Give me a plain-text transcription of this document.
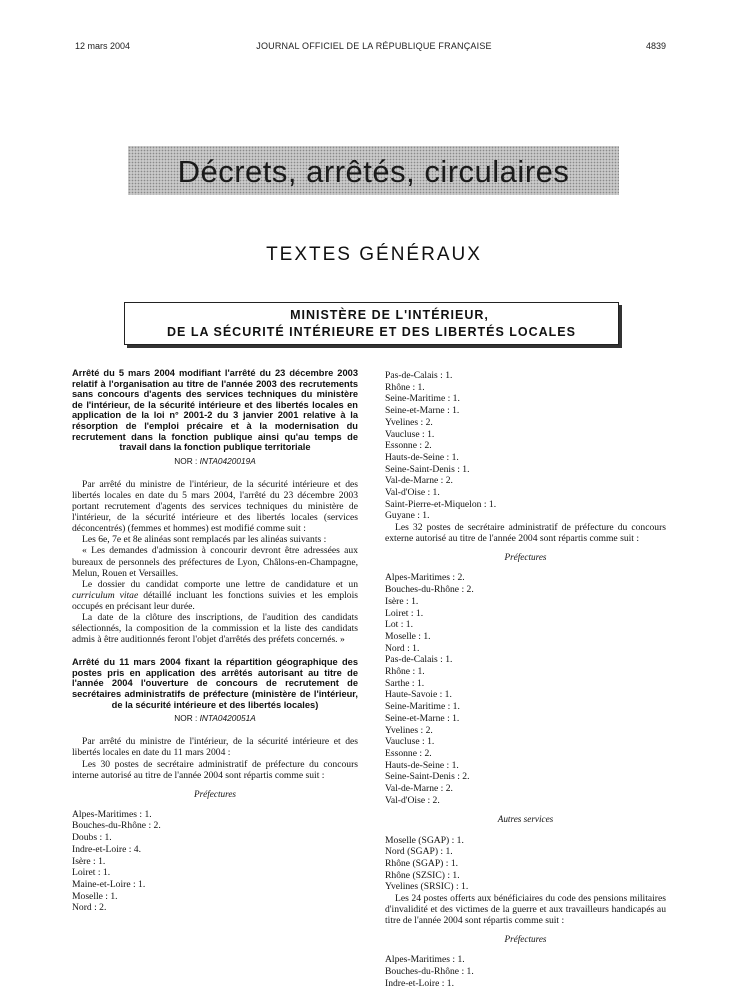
12 mars 2004	JOURNAL OFFICIEL DE LA RÉPUBLIQUE FRANÇAISE	4839
Décrets, arrêtés, circulaires
TEXTES GÉNÉRAUX
MINISTÈRE DE L'INTÉRIEUR,
DE LA SÉCURITÉ INTÉRIEURE ET DES LIBERTÉS LOCALES
Arrêté du 5 mars 2004 modifiant l'arrêté du 23 décembre 2003 relatif à l'organisation au titre de l'année 2003 des recrutements sans concours d'agents des services techniques du ministère de l'intérieur, de la sécurité intérieure et des libertés locales en application de la loi n° 2001-2 du 3 janvier 2001 relative à la résorption de l'emploi précaire et à la modernisation du recrutement dans la fonction publique ainsi qu'au temps de travail dans la fonction publique territoriale
NOR : INTA0420019A

Par arrêté du ministre de l'intérieur, de la sécurité intérieure et des libertés locales en date du 5 mars 2004, l'arrêté du 23 décembre 2003 portant recrutement d'agents des services techniques du ministère de l'intérieur, de la sécurité intérieure et des libertés locales (services déconcentrés) (femmes et hommes) est modifié comme suit :

Les 6e, 7e et 8e alinéas sont remplacés par les alinéas suivants :

« Les demandes d'admission à concourir devront être adressées aux bureaux de personnels des préfectures de Lyon, Châlons-en-Champagne, Melun, Rouen et Versailles.

Le dossier du candidat comporte une lettre de candidature et un curriculum vitae détaillé incluant les fonctions suivies et les emplois occupés en précisant leur durée.

La date de la clôture des inscriptions, de l'audition des candidats sélectionnés, la composition de la commission et la liste des candidats admis à être auditionnés feront l'objet d'arrêtés des préfets concernés. »

Arrêté du 11 mars 2004 fixant la répartition géographique des postes pris en application des arrêtés autorisant au titre de l'année 2004 l'ouverture de concours de recrutement de secrétaires administratifs de préfecture (ministère de l'intérieur, de la sécurité intérieure et des libertés locales)
NOR : INTA0420051A

Par arrêté du ministre de l'intérieur, de la sécurité intérieure et des libertés locales en date du 11 mars 2004 :

Les 30 postes de secrétaire administratif de préfecture du concours interne autorisé au titre de l'année 2004 sont répartis comme suit :

Préfectures
Alpes-Maritimes : 1.
Bouches-du-Rhône : 2.
Doubs : 1.
Indre-et-Loire : 4.
Isère : 1.
Loiret : 1.
Maine-et-Loire : 1.
Moselle : 1.
Nord : 2.
Pas-de-Calais : 1.
Rhône : 1.
Seine-Maritime : 1.
Seine-et-Marne : 1.
Yvelines : 2.
Vaucluse : 1.
Essonne : 2.
Hauts-de-Seine : 1.
Seine-Saint-Denis : 1.
Val-de-Marne : 2.
Val-d'Oise : 1.
Saint-Pierre-et-Miquelon : 1.
Guyane : 1.

Les 32 postes de secrétaire administratif de préfecture du concours externe autorisé au titre de l'année 2004 sont répartis comme suit :

Préfectures
Alpes-Maritimes : 2.
Bouches-du-Rhône : 2.
Isère : 1.
Loiret : 1.
Lot : 1.
Moselle : 1.
Nord : 1.
Pas-de-Calais : 1.
Rhône : 1.
Sarthe : 1.
Haute-Savoie : 1.
Seine-Maritime : 1.
Seine-et-Marne : 1.
Yvelines : 2.
Vaucluse : 1.
Essonne : 2.
Hauts-de-Seine : 1.
Seine-Saint-Denis : 2.
Val-de-Marne : 2.
Val-d'Oise : 2.
Autres services
Moselle (SGAP) : 1.
Nord (SGAP) : 1.
Rhône (SGAP) : 1.
Rhône (SZSIC) : 1.
Yvelines (SRSIC) : 1.

Les 24 postes offerts aux bénéficiaires du code des pensions militaires d'invalidité et des victimes de la guerre et aux travailleurs handicapés au titre de l'année 2004 sont répartis comme suit :

Préfectures
Alpes-Maritimes : 1.
Bouches-du-Rhône : 1.
Indre-et-Loire : 1.
